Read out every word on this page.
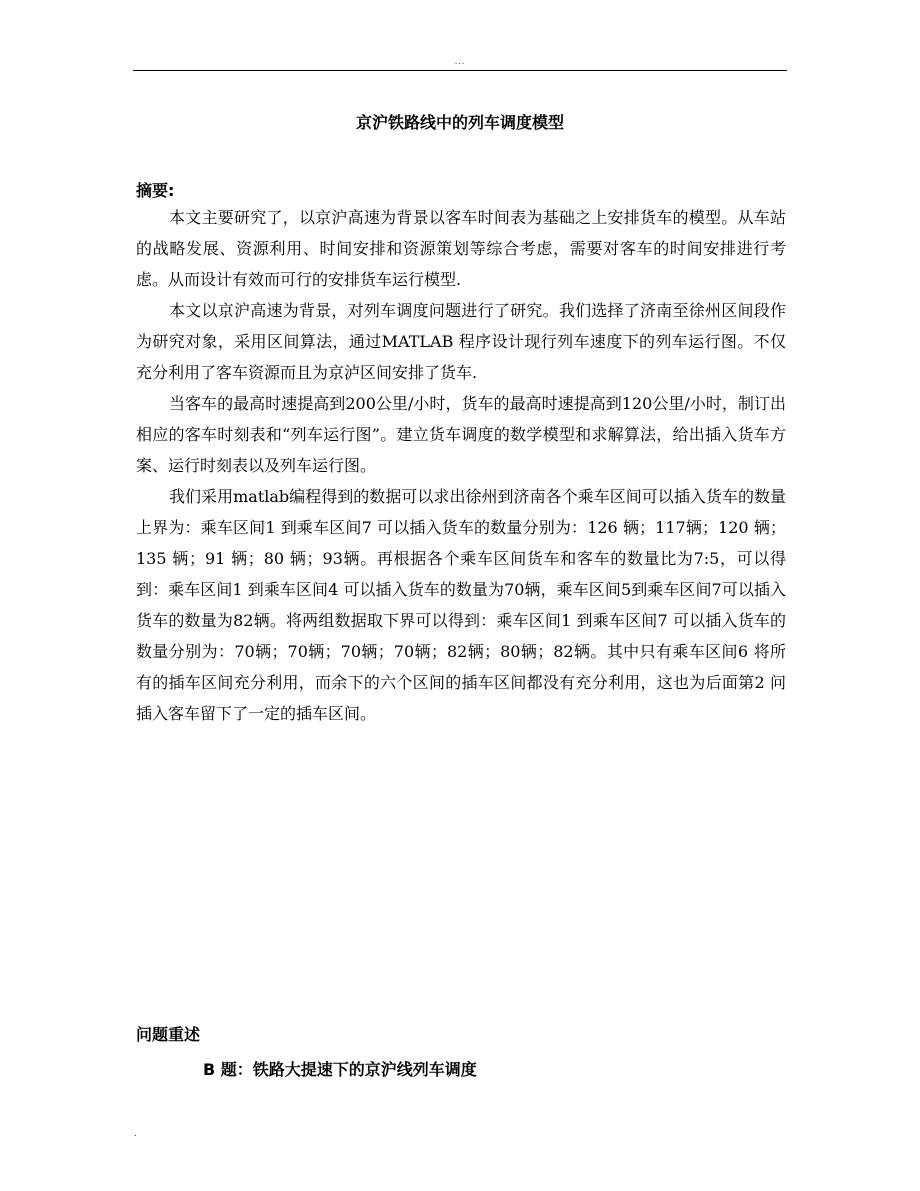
...
京沪铁路线中的列车调度模型
摘要:

本文主要研究了，以京沪高速为背景以客车时间表为基础之上安排货车的模型。从车站的战略发展、资源利用、时间安排和资源策划等综合考虑，需要对客车的时间安排进行考虑。从而设计有效而可行的安排货车运行模型.

本文以京沪高速为背景，对列车调度问题进行了研究。我们选择了济南至徐州区间段作为研究对象，采用区间算法，通过MATLAB 程序设计现行列车速度下的列车运行图。不仅充分利用了客车资源而且为京泸区间安排了货车.

当客车的最高时速提高到200公里/小时，货车的最高时速提高到120公里/小时，制订出相应的客车时刻表和“列车运行图”。建立货车调度的数学模型和求解算法，给出插入货车方案、运行时刻表以及列车运行图。

我们采用matlab编程得到的数据可以求出徐州到济南各个乘车区间可以插入货车的数量上界为：乘车区间1 到乘车区间7 可以插入货车的数量分别为：126 辆；117辆；120 辆；135 辆；91 辆；80 辆；93辆。再根据各个乘车区间货车和客车的数量比为7:5，可以得到：乘车区间1 到乘车区间4 可以插入货车的数量为70辆，乘车区间5到乘车区间7可以插入货车的数量为82辆。将两组数据取下界可以得到：乘车区间1 到乘车区间7 可以插入货车的数量分别为：70辆；70辆；70辆；70辆；82辆；80辆；82辆。其中只有乘车区间6 将所有的插车区间充分利用，而余下的六个区间的插车区间都没有充分利用，这也为后面第2 问插入客车留下了一定的插车区间。

问题重述
B 题：铁路大提速下的京沪线列车调度
.
